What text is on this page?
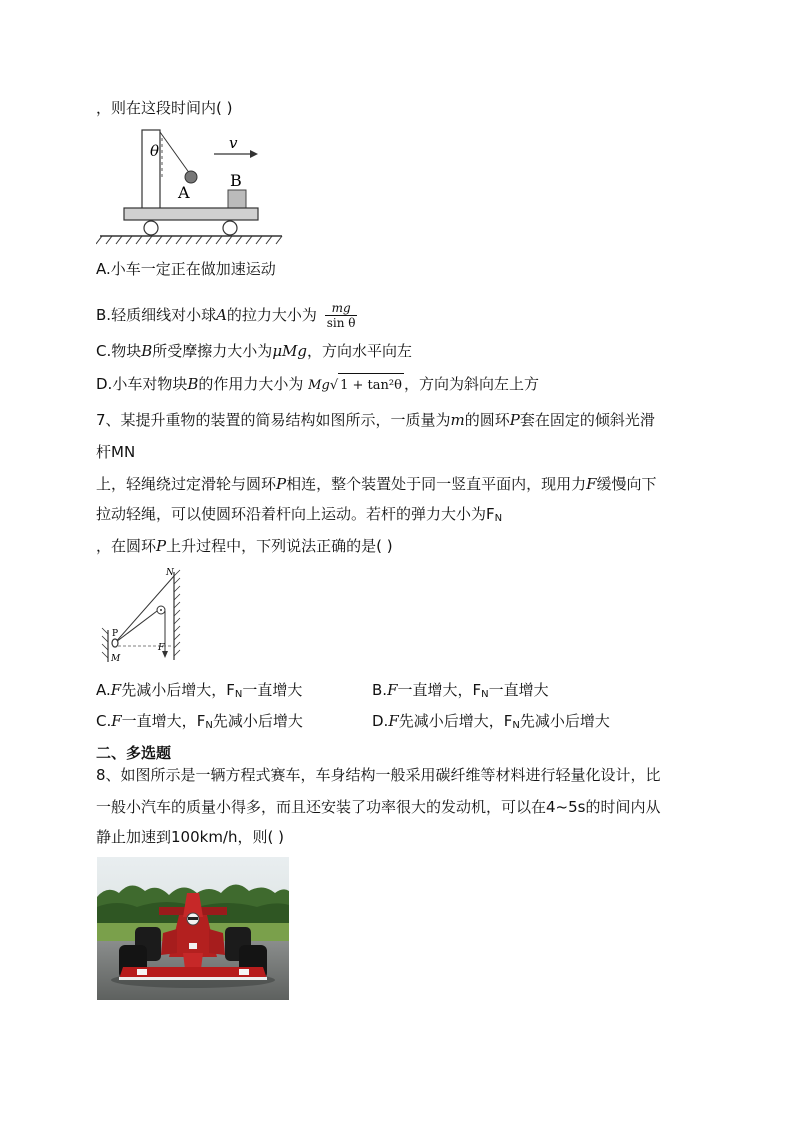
，则在这段时间内( )
θ	v
A
B
A.小车一定正在做加速运动
B.轻质细线对小球A的拉力大小为 $\frac{mg}{\text{sin θ}}$
C.物块B所受摩擦力大小为μMg，方向水平向左
D.小车对物块B的作用力大小为 Mg√ 1 + tan²θ ，方向为斜向左上方
7、某提升重物的装置的简易结构如图所示，一质量为m的圆环P套在固定的倾斜光滑
杆MN
上，轻绳绕过定滑轮与圆环P相连，整个装置处于同一竖直平面内，现用力F缓慢向下
拉动轻绳，可以使圆环沿着杆向上运动。若杆的弹力大小为$F_N$
，在圆环P上升过程中，下列说法正确的是( )
N
P
M
F
A.F先减小后增大，$F_N$一直增大	B.F一直增大，$F_N$一直增大
C.F一直增大，$F_N$先减小后增大	D.F先减小后增大，$F_N$先减小后增大
二、多选题
8、如图所示是一辆方程式赛车，车身结构一般采用碳纤维等材料进行轻量化设计，比
一般小汽车的质量小得多，而且还安装了功率很大的发动机，可以在4~5s的时间内从
静止加速到100km/h，则( )
